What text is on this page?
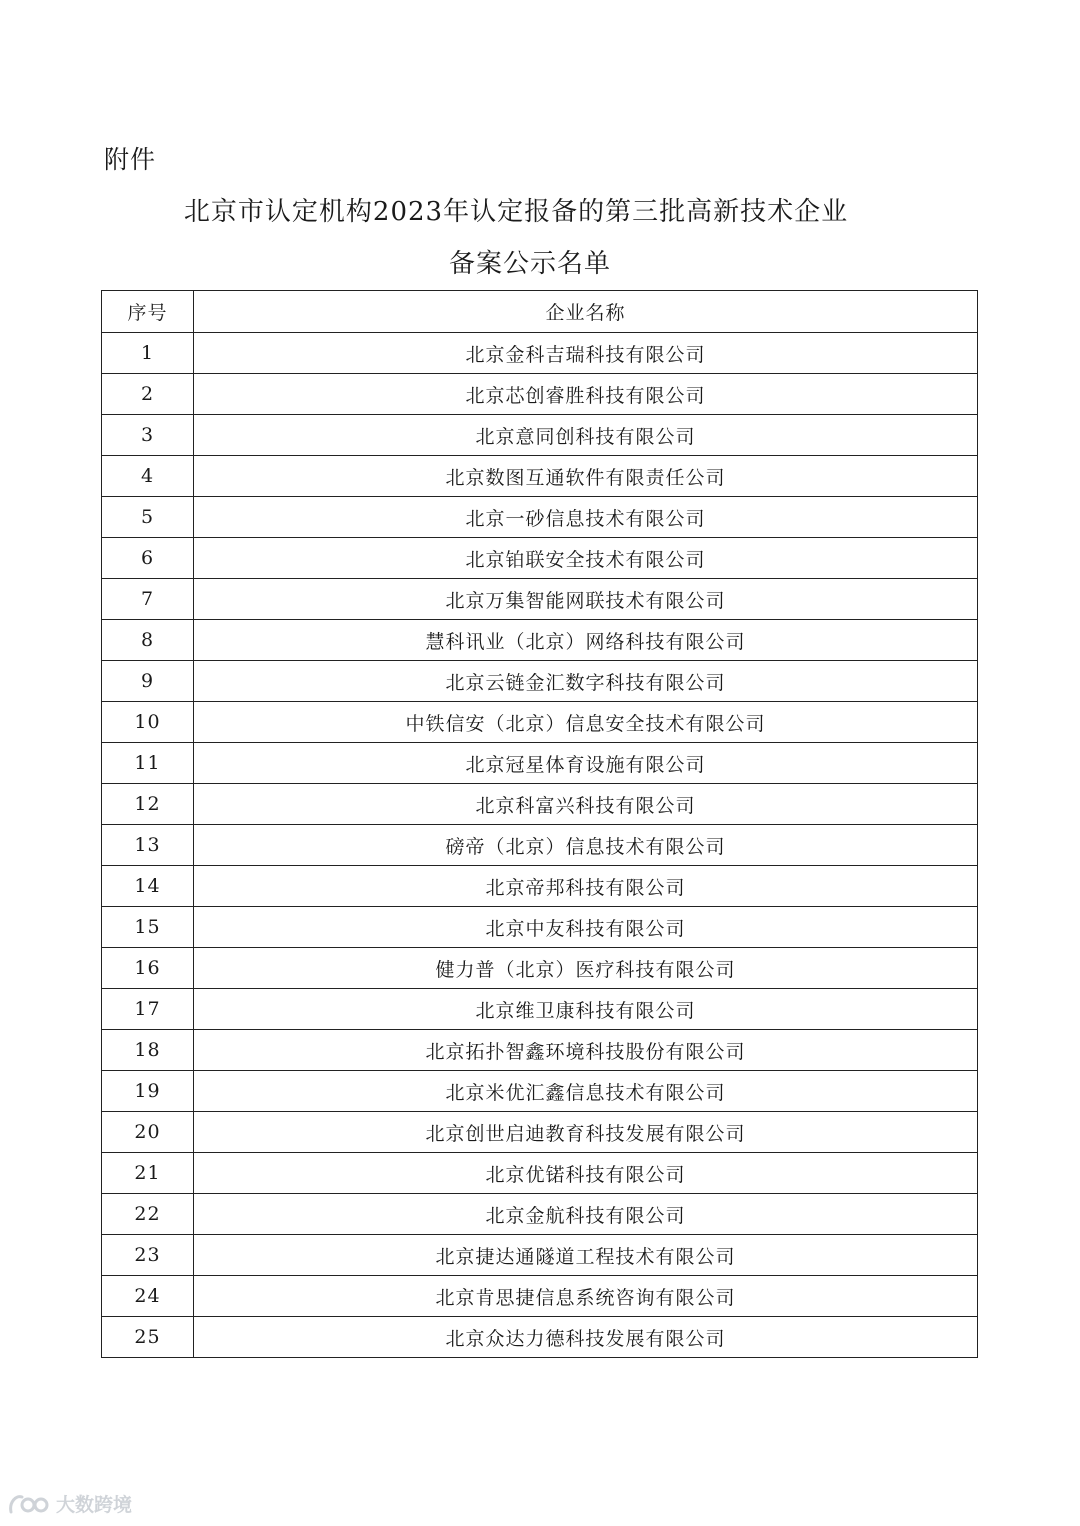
附件
北京市认定机构2023年认定报备的第三批高新技术企业
备案公示名单
序号	企业名称
1	北京金科吉瑞科技有限公司
2	北京芯创睿胜科技有限公司
3	北京意同创科技有限公司
4	北京数图互通软件有限责任公司
5	北京一砂信息技术有限公司
6	北京铂联安全技术有限公司
7	北京万集智能网联技术有限公司
8	慧科讯业（北京）网络科技有限公司
9	北京云链金汇数字科技有限公司
10	中铁信安（北京）信息安全技术有限公司
11	北京冠星体育设施有限公司
12	北京科富兴科技有限公司
13	磅帝（北京）信息技术有限公司
14	北京帝邦科技有限公司
15	北京中友科技有限公司
16	健力普（北京）医疗科技有限公司
17	北京维卫康科技有限公司
18	北京拓扑智鑫环境科技股份有限公司
19	北京米优汇鑫信息技术有限公司
20	北京创世启迪教育科技发展有限公司
21	北京优锘科技有限公司
22	北京金航科技有限公司
23	北京捷达通隧道工程技术有限公司
24	北京肯思捷信息系统咨询有限公司
25	北京众达力德科技发展有限公司
大数跨境
